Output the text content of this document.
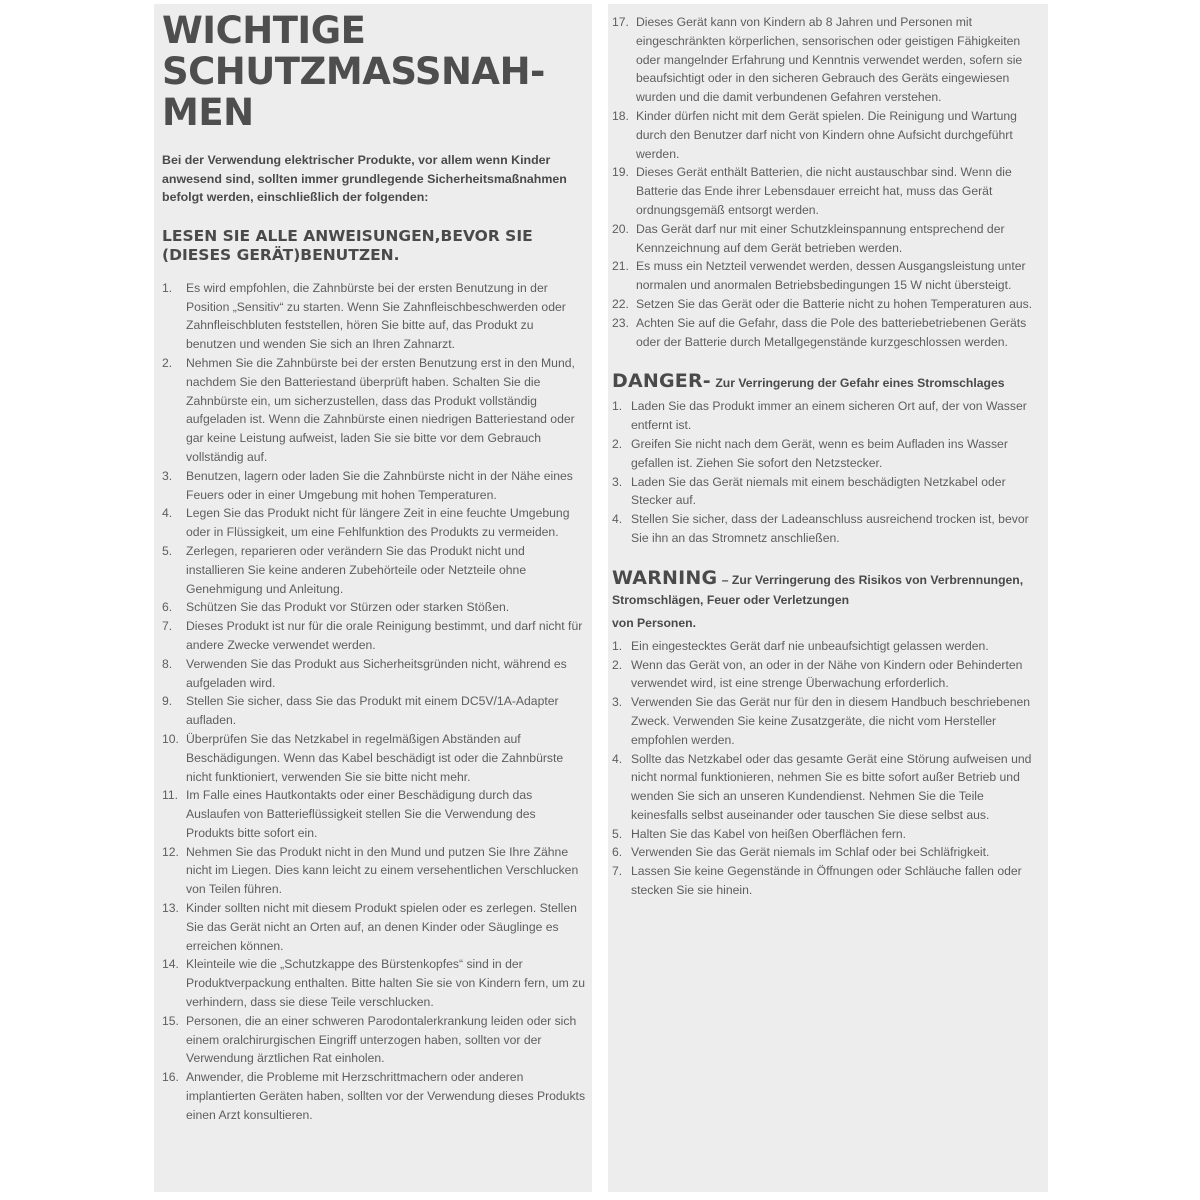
WICHTIGE SCHUTZMASSNAH-MEN

Bei der Verwendung elektrischer Produkte, vor allem wenn Kinder anwesend sind, sollten immer grundlegende Sicherheitsmaßnahmen befolgt werden, einschließlich der folgenden:

LESEN SIE ALLE ANWEISUNGEN,BEVOR SIE (DIESES GERÄT)BENUTZEN.
1.	Es wird empfohlen, die Zahnbürste bei der ersten Benutzung in der Position „Sensitiv“ zu starten. Wenn Sie Zahnfleischbeschwerden oder Zahnfleischbluten feststellen, hören Sie bitte auf, das Produkt zu benutzen und wenden Sie sich an Ihren Zahnarzt.
2.	Nehmen Sie die Zahnbürste bei der ersten Benutzung erst in den Mund, nachdem Sie den Batteriestand überprüft haben. Schalten Sie die Zahnbürste ein, um sicherzustellen, dass das Produkt vollständig aufgeladen ist. Wenn die Zahnbürste einen niedrigen Batteriestand oder gar keine Leistung aufweist, laden Sie sie bitte vor dem Gebrauch vollständig auf.
3.	Benutzen, lagern oder laden Sie die Zahnbürste nicht in der Nähe eines Feuers oder in einer Umgebung mit hohen Temperaturen.
4.	Legen Sie das Produkt nicht für längere Zeit in eine feuchte Umgebung oder in Flüssigkeit, um eine Fehlfunktion des Produkts zu vermeiden.
5.	Zerlegen, reparieren oder verändern Sie das Produkt nicht und installieren Sie keine anderen Zubehörteile oder Netzteile ohne Genehmigung und Anleitung.
6.	Schützen Sie das Produkt vor Stürzen oder starken Stößen.
7.	Dieses Produkt ist nur für die orale Reinigung bestimmt, und darf nicht für andere Zwecke verwendet werden.
8.	Verwenden Sie das Produkt aus Sicherheitsgründen nicht, während es aufgeladen wird.
9.	Stellen Sie sicher, dass Sie das Produkt mit einem DC5V/1A-Adapter aufladen.
10. Überprüfen Sie das Netzkabel in regelmäßigen Abständen auf Beschädigungen. Wenn das Kabel beschädigt ist oder die Zahnbürste nicht funktioniert, verwenden Sie sie bitte nicht mehr.
11. Im Falle eines Hautkontakts oder einer Beschädigung durch das Auslaufen von Batterieflüssigkeit stellen Sie die Verwendung des Produkts bitte sofort ein.
12. Nehmen Sie das Produkt nicht in den Mund und putzen Sie Ihre Zähne nicht im Liegen. Dies kann leicht zu einem versehentlichen Verschlucken von Teilen führen.
13. Kinder sollten nicht mit diesem Produkt spielen oder es zerlegen. Stellen Sie das Gerät nicht an Orten auf, an denen Kinder oder Säuglinge es erreichen können.
14. Kleinteile wie die „Schutzkappe des Bürstenkopfes“ sind in der Produktverpackung enthalten. Bitte halten Sie sie von Kindern fern, um zu verhindern, dass sie diese Teile verschlucken.
15. Personen, die an einer schweren Parodontalerkrankung leiden oder sich einem oralchirurgischen Eingriff unterzogen haben, sollten vor der Verwendung ärztlichen Rat einholen.
16. Anwender, die Probleme mit Herzschrittmachern oder anderen implantierten Geräten haben, sollten vor der Verwendung dieses Produkts einen Arzt konsultieren.
17. Dieses Gerät kann von Kindern ab 8 Jahren und Personen mit eingeschränkten körperlichen, sensorischen oder geistigen Fähigkeiten oder mangelnder Erfahrung und Kenntnis verwendet werden, sofern sie beaufsichtigt oder in den sicheren Gebrauch des Geräts eingewiesen wurden und die damit verbundenen Gefahren verstehen.
18. Kinder dürfen nicht mit dem Gerät spielen. Die Reinigung und Wartung durch den Benutzer darf nicht von Kindern ohne Aufsicht durchgeführt werden.
19. Dieses Gerät enthält Batterien, die nicht austauschbar sind. Wenn die Batterie das Ende ihrer Lebensdauer erreicht hat, muss das Gerät ordnungsgemäß entsorgt werden.
20. Das Gerät darf nur mit einer Schutzkleinspannung entsprechend der Kennzeichnung auf dem Gerät betrieben werden.
21. Es muss ein Netzteil verwendet werden, dessen Ausgangsleistung unter normalen und anormalen Betriebsbedingungen 15 W nicht übersteigt.
22. Setzen Sie das Gerät oder die Batterie nicht zu hohen Temperaturen aus.
23. Achten Sie auf die Gefahr, dass die Pole des batteriebetriebenen Geräts oder der Batterie durch Metallgegenstände kurzgeschlossen werden.
DANGER- Zur Verringerung der Gefahr eines Stromschlages
1. Laden Sie das Produkt immer an einem sicheren Ort auf, der von Wasser entfernt ist.
2. Greifen Sie nicht nach dem Gerät, wenn es beim Aufladen ins Wasser gefallen ist. Ziehen Sie sofort den Netzstecker.
3. Laden Sie das Gerät niemals mit einem beschädigten Netzkabel oder Stecker auf.
4. Stellen Sie sicher, dass der Ladeanschluss ausreichend trocken ist, bevor Sie ihn an das Stromnetz anschließen.
WARNING – Zur Verringerung des Risikos von Verbrennungen, Stromschlägen, Feuer oder Verletzungen
von Personen.
1. Ein eingestecktes Gerät darf nie unbeaufsichtigt gelassen werden.
2. Wenn das Gerät von, an oder in der Nähe von Kindern oder Behinderten verwendet wird, ist eine strenge Überwachung erforderlich.
3. Verwenden Sie das Gerät nur für den in diesem Handbuch beschriebenen Zweck. Verwenden Sie keine Zusatzgeräte, die nicht vom Hersteller empfohlen werden.
4. Sollte das Netzkabel oder das gesamte Gerät eine Störung aufweisen und nicht normal funktionieren, nehmen Sie es bitte sofort außer Betrieb und wenden Sie sich an unseren Kundendienst. Nehmen Sie die Teile keinesfalls selbst auseinander oder tauschen Sie diese selbst aus.
5. Halten Sie das Kabel von heißen Oberflächen fern.
6. Verwenden Sie das Gerät niemals im Schlaf oder bei Schläfrigkeit.
7. Lassen Sie keine Gegenstände in Öffnungen oder Schläuche fallen oder stecken Sie sie hinein.
